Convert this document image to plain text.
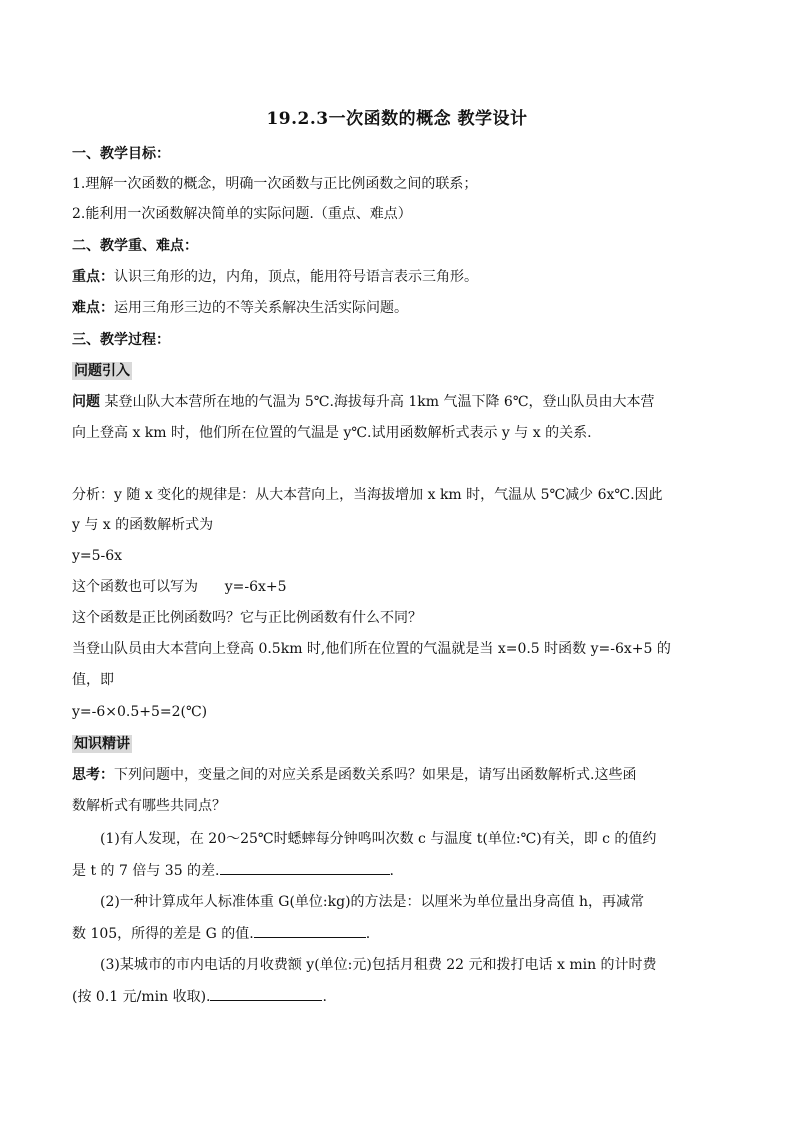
19.2.3一次函数的概念 教学设计
一、教学目标：
1.理解一次函数的概念，明确一次函数与正比例函数之间的联系；
2.能利用一次函数解决简单的实际问题.（重点、难点）
二、教学重、难点：
重点：认识三角形的边，内角，顶点，能用符号语言表示三角形。
难点：运用三角形三边的不等关系解决生活实际问题。
三、教学过程：
问题引入
问题 某登山队大本营所在地的气温为 5℃.海拔每升高 1km 气温下降 6℃，登山队员由大本营
向上登高 x km 时，他们所在位置的气温是 y℃.试用函数解析式表示 y 与 x 的关系.
分析：y 随 x 变化的规律是：从大本营向上，当海拔增加 x km 时，气温从 5℃减少 6x℃.因此
y 与 x 的函数解析式为
y=5-6x
这个函数也可以写为      y=-6x+5
这个函数是正比例函数吗？它与正比例函数有什么不同？
当登山队员由大本营向上登高 0.5km 时,他们所在位置的气温就是当 x=0.5 时函数 y=-6x+5 的
值，即
y=-6×0.5+5=2(℃)
知识精讲
思考：下列问题中，变量之间的对应关系是函数关系吗？如果是，请写出函数解析式.这些函
数解析式有哪些共同点？
(1)有人发现，在 20～25℃时蟋蟀每分钟鸣叫次数 c 与温度 t(单位:℃)有关，即 c 的值约
是 t 的 7 倍与 35 的差.	.
(2)一种计算成年人标准体重 G(单位:kg)的方法是：以厘米为单位量出身高值 h，再减常
数 105，所得的差是 G 的值.	.
(3)某城市的市内电话的月收费额 y(单位:元)包括月租费 22 元和拨打电话 x min 的计时费
(按 0.1 元/min 收取).	.
